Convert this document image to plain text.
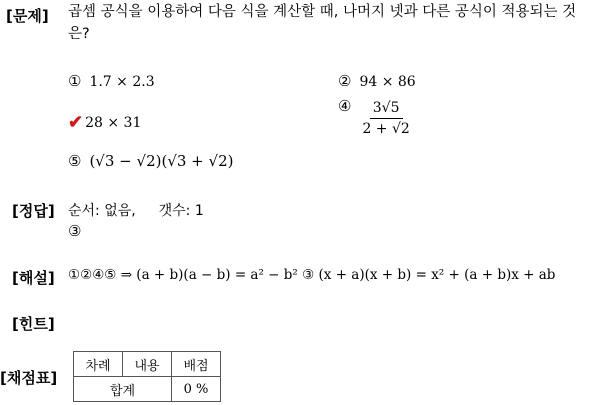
[문제] 곱셈 공식을 이용하여 다음 식을 계산할 때, 나머지 넷과 다른 공식이 적용되는 것은?
① 1.7 × 2.3	② 94 × 86
✔ 28 × 31
④ $\frac{3√5}{2 + √2}$
⑤ (√3 − √2)(√3 + √2)
[정답] 순서: 없음, 갯수: 1
③
[해설] ①②④⑤ ⇒ (a + b)(a − b) = a² − b² ③ (x + a)(x + b) = x² + (a + b)x + ab
[힌트]
[채점표]
차례	내용	배점
합계		0 %
